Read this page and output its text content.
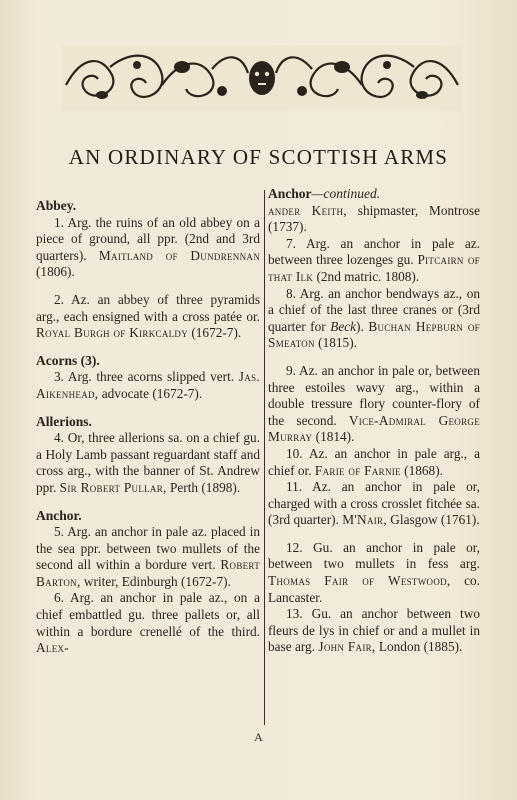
AN ORDINARY OF SCOTTISH ARMS

Abbey.

1. Arg. the ruins of an old abbey on a piece of ground, all ppr. (2nd and 3rd quarters). Maitland of Dundrennan (1806).

2. Az. an abbey of three pyramids arg., each ensigned with a cross patée or. Royal Burgh of Kirkcaldy (1672-7).

Acorns (3).

3. Arg. three acorns slipped vert. Jas. Aikenhead, advocate (1672-7).

Allerions.

4. Or, three allerions sa. on a chief gu. a Holy Lamb passant reguardant staff and cross arg., with the banner of St. Andrew ppr. Sir Robert Pullar, Perth (1898).

Anchor.

5. Arg. an anchor in pale az. placed in the sea ppr. between two mullets of the second all within a bordure vert. Robert Barton, writer, Edinburgh (1672-7).

6. Arg. an anchor in pale az., on a chief embattled gu. three pallets or, all within a bordure crenellé of the third. Alex-

Anchor—continued.

ander Keith, shipmaster, Montrose (1737).

7. Arg. an anchor in pale az. between three lozenges gu. Pitcairn of that Ilk (2nd matric. 1808).

8. Arg. an anchor bendways az., on a chief of the last three cranes or (3rd quarter for Beck). Buchan Hepburn of Smeaton (1815).

9. Az. an anchor in pale or, between three estoiles wavy arg., within a double tressure flory counter-flory of the second. Vice-Admiral George Murray (1814).

10. Az. an anchor in pale arg., a chief or. Farie of Farnie (1868).

11. Az. an anchor in pale or, charged with a cross crosslet fitchée sa. (3rd quarter). M'Nair, Glasgow (1761).

12. Gu. an anchor in pale or, between two mullets in fess arg. Thomas Fair of Westwood, co. Lancaster.

13. Gu. an anchor between two fleurs de lys in chief or and a mullet in base arg. John Fair, London (1885).

A
